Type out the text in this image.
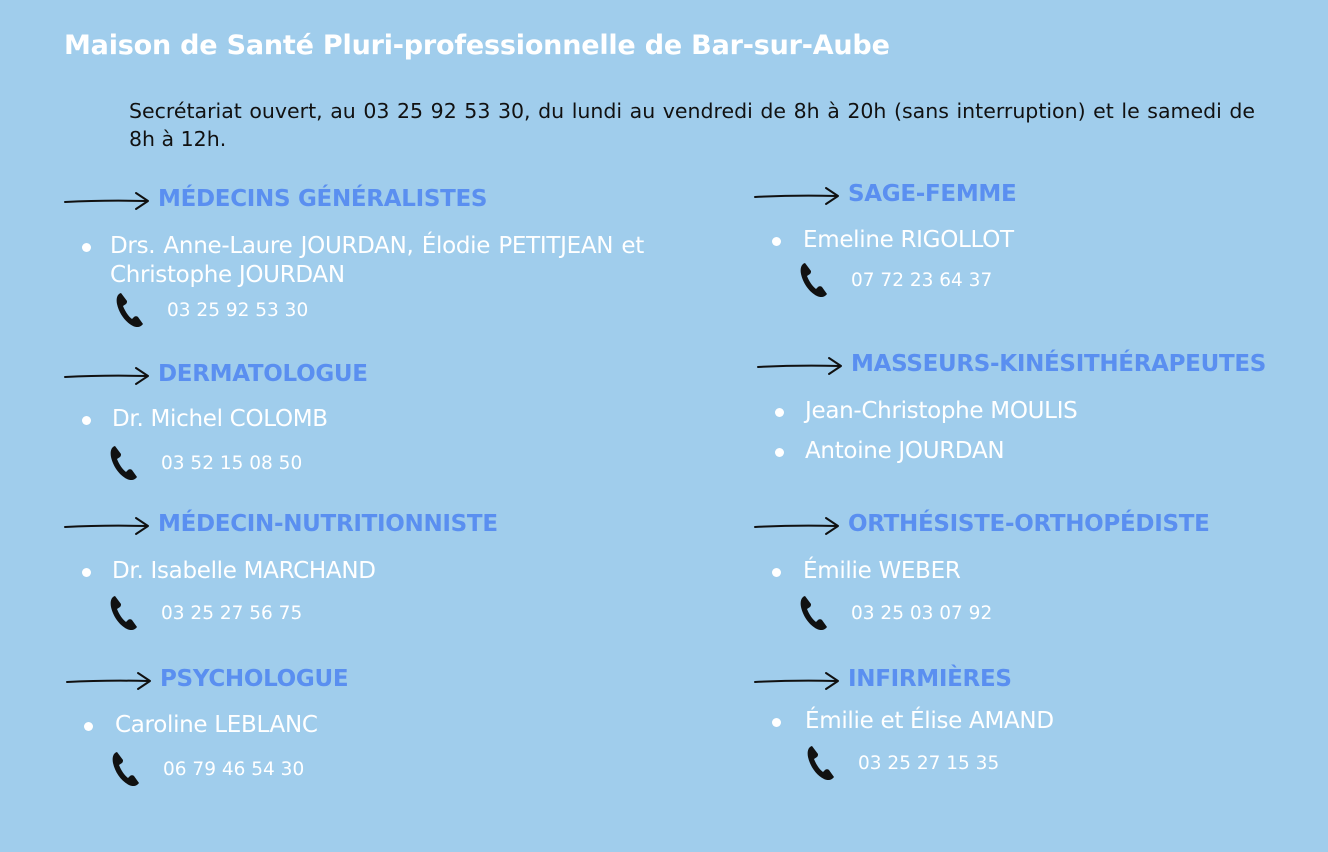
Maison de Santé Pluri-professionnelle de Bar-sur-Aube
Secrétariat ouvert, au 03 25 92 53 30, du lundi au vendredi de 8h à 20h (sans interruption) et le samedi de 8h à 12h.
MÉDECINS GÉNÉRALISTES
Drs. Anne-Laure JOURDAN, Élodie PETITJEAN et Christophe JOURDAN
03 25 92 53 30
DERMATOLOGUE
Dr. Michel COLOMB
03 52 15 08 50
MÉDECIN-NUTRITIONNISTE
Dr. Isabelle MARCHAND
03 25 27 56 75
PSYCHOLOGUE
Caroline LEBLANC
06 79 46 54 30
SAGE-FEMME
Emeline RIGOLLOT
07 72 23 64 37
MASSEURS-KINÉSITHÉRAPEUTES
Jean-Christophe MOULIS
Antoine JOURDAN
ORTHÉSISTE-ORTHOPÉDISTE
Émilie WEBER
03 25 03 07 92
INFIRMIÈRES
Émilie et Élise AMAND
03 25 27 15 35
